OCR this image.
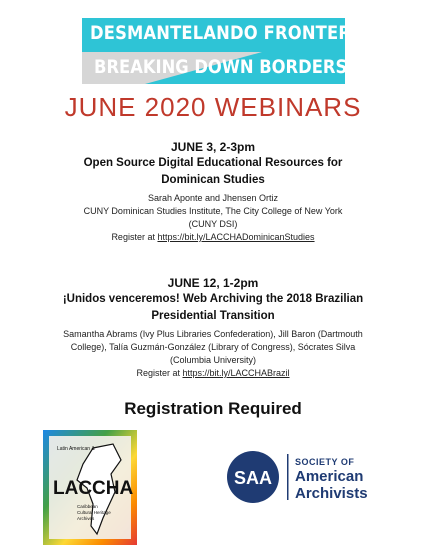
DESMANTELANDO FRONTERAS
BREAKING DOWN BORDERS
JUNE 2020 WEBINARS
JUNE 3, 2-3pm
Open Source Digital Educational Resources for
Dominican Studies
Sarah Aponte and Jhensen Ortiz
CUNY Dominican Studies Institute, The City College of New York
(CUNY DSI)
Register at https://bit.ly/LACCHADominicanStudies
JUNE 12, 1-2pm
¡Unidos venceremos! Web Archiving the 2018 Brazilian
Presidential Transition
Samantha Abrams (Ivy Plus Libraries Confederation), Jill Baron (Dartmouth
College), Talía Guzmán-González (Library of Congress), Sócrates Silva
(Columbia University)
Register at https://bit.ly/LACCHABrazil
Registration Required
Latin American &
LACCHA
Caribbean
Cultural Heritage
Archives
SAA
SOCIETY OF
American
Archivists
